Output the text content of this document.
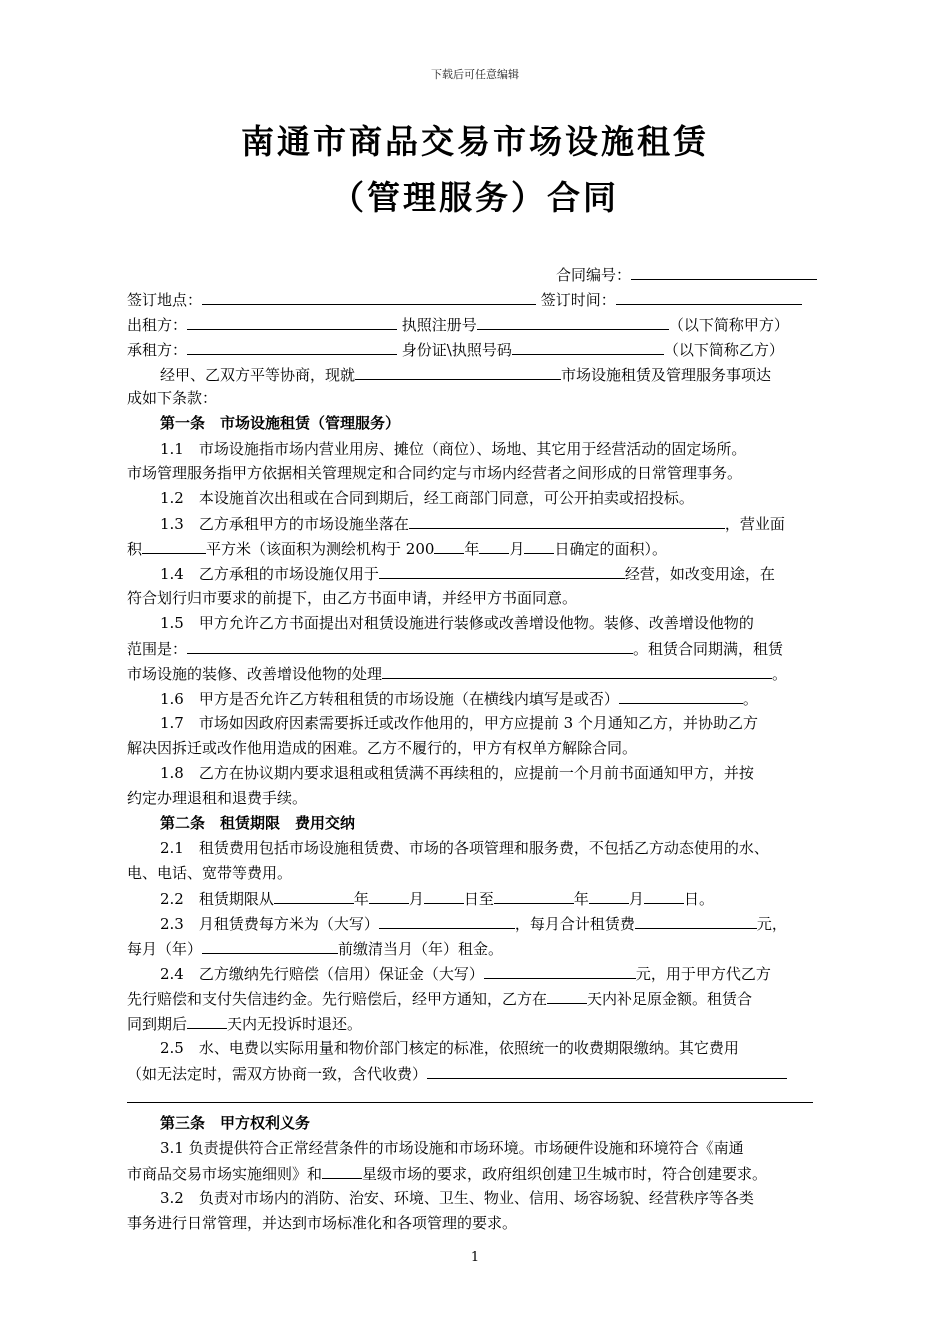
下载后可任意编辑
南通市商品交易市场设施租赁
（管理服务）合同
合同编号：
签订地点：	签订时间：
出租方：	执照注册号	（以下简称甲方）
承租方：	身份证\执照号码	（以下简称乙方）
经甲、乙双方平等协商，现就	市场设施租赁及管理服务事项达
成如下条款：
第一条　市场设施租赁（管理服务）
1.1　市场设施指市场内营业用房、摊位（商位）、场地、其它用于经营活动的固定场所。
市场管理服务指甲方依据相关管理规定和合同约定与市场内经营者之间形成的日常管理事务。
1.2　本设施首次出租或在合同到期后，经工商部门同意，可公开拍卖或招投标。
1.3　乙方承租甲方的市场设施坐落在	，营业面
积	平方米（该面积为测绘机构于 200 年 月 日确定的面积）。
1.4　乙方承租的市场设施仅用于	经营，如改变用途，在
符合划行归市要求的前提下，由乙方书面申请，并经甲方书面同意。
1.5　甲方允许乙方书面提出对租赁设施进行装修或改善增设他物。装修、改善增设他物的
范围是：	。租赁合同期满，租赁
市场设施的装修、改善增设他物的处理	。
1.6　甲方是否允许乙方转租租赁的市场设施（在横线内填写是或否）	。
1.7　市场如因政府因素需要拆迁或改作他用的，甲方应提前 3 个月通知乙方，并协助乙方
解决因拆迁或改作他用造成的困难。乙方不履行的，甲方有权单方解除合同。
1.8　乙方在协议期内要求退租或租赁满不再续租的，应提前一个月前书面通知甲方，并按
约定办理退租和退费手续。
第二条　租赁期限　费用交纳
2.1　租赁费用包括市场设施租赁费、市场的各项管理和服务费，不包括乙方动态使用的水、
电、电话、宽带等费用。
2.2　租赁期限从	年	月	日至	年	月	日。
2.3　月租赁费每方米为（大写）	，每月合计租赁费	元，
每月（年）	前缴清当月（年）租金。
2.4　乙方缴纳先行赔偿（信用）保证金（大写）	元，用于甲方代乙方
先行赔偿和支付失信违约金。先行赔偿后，经甲方通知，乙方在	天内补足原金额。租赁合
同到期后	天内无投诉时退还。
2.5　水、电费以实际用量和物价部门核定的标准，依照统一的收费期限缴纳。其它费用
（如无法定时，需双方协商一致，含代收费）
第三条　甲方权利义务
3.1 负责提供符合正常经营条件的市场设施和市场环境。市场硬件设施和环境符合《南通
市商品交易市场实施细则》和	星级市场的要求，政府组织创建卫生城市时，符合创建要求。
3.2　负责对市场内的消防、治安、环境、卫生、物业、信用、场容场貌、经营秩序等各类
事务进行日常管理，并达到市场标准化和各项管理的要求。
1
